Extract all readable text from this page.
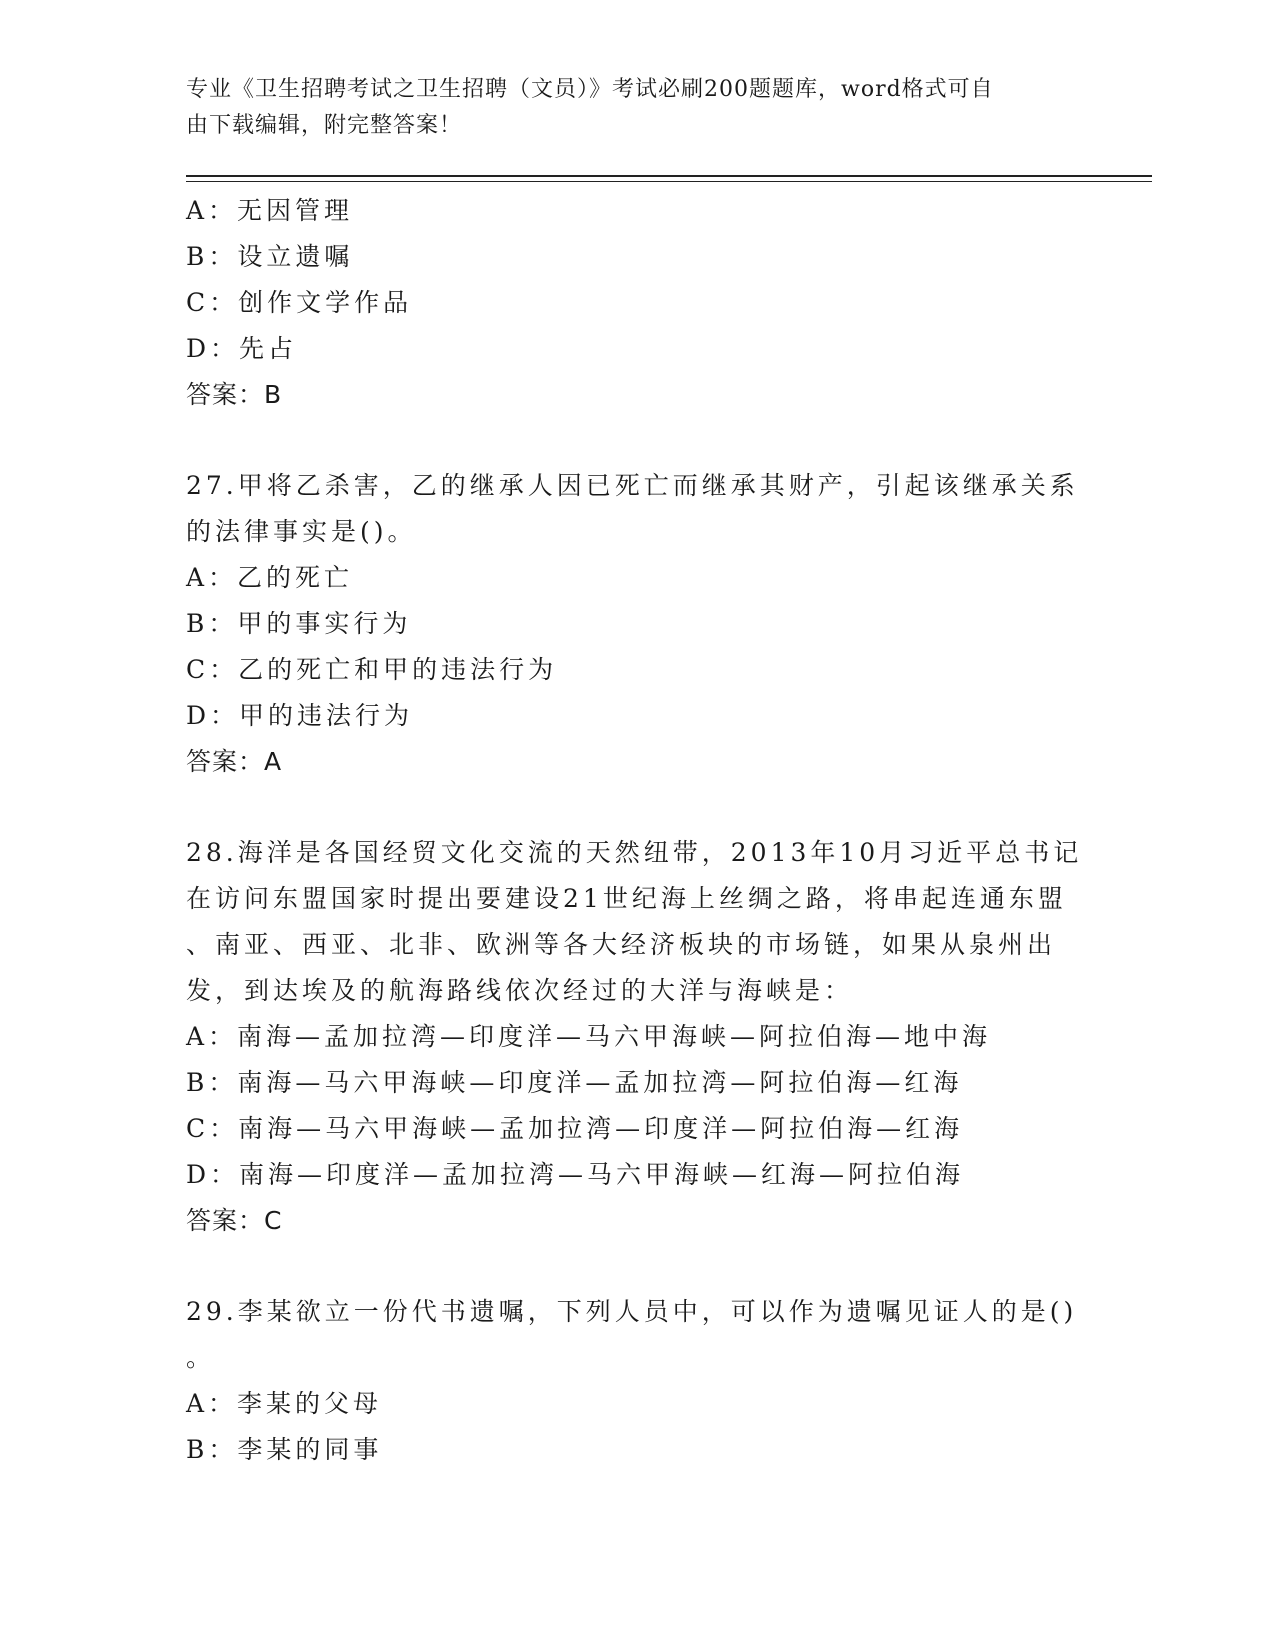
专业《卫生招聘考试之卫生招聘（文员）》考试必刷200题题库，word格式可自
由下载编辑，附完整答案！
A：无因管理
B：设立遗嘱
C：创作文学作品
D：先占
答案：B
27.甲将乙杀害，乙的继承人因已死亡而继承其财产，引起该继承关系
的法律事实是()。
A：乙的死亡
B：甲的事实行为
C：乙的死亡和甲的违法行为
D：甲的违法行为
答案：A
28.海洋是各国经贸文化交流的天然纽带，2013年10月习近平总书记
在访问东盟国家时提出要建设21世纪海上丝绸之路，将串起连通东盟
、南亚、西亚、北非、欧洲等各大经济板块的市场链，如果从泉州出
发，到达埃及的航海路线依次经过的大洋与海峡是：
A：南海—孟加拉湾—印度洋—马六甲海峡—阿拉伯海—地中海
B：南海—马六甲海峡—印度洋—孟加拉湾—阿拉伯海—红海
C：南海—马六甲海峡—孟加拉湾—印度洋—阿拉伯海—红海
D：南海—印度洋—孟加拉湾—马六甲海峡—红海—阿拉伯海
答案：C
29.李某欲立一份代书遗嘱，下列人员中，可以作为遗嘱见证人的是()
。
A：李某的父母
B：李某的同事
